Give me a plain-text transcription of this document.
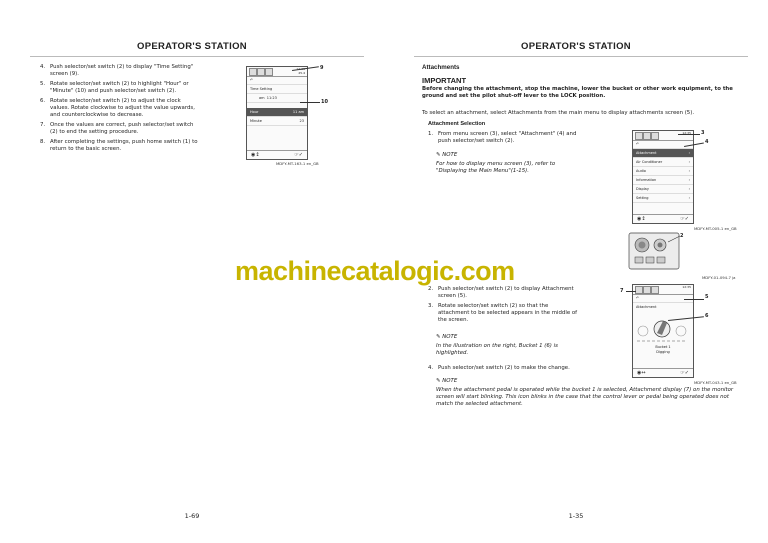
OPERATOR'S STATION
4. Push selector/set switch (2) to display "Time Setting" screen (9).
5. Rotate selector/set switch (2) to highlight "Hour" or "Minute" (10) and push selector/set switch (2).
6. Rotate selector/set switch (2) to adjust the clock values. Rotate clockwise to adjust the value upwards, and counterclockwise to decrease.
7. Once the values are correct, push selector/set switch (2) to end the setting procedure.
8. After completing the settings, push home switch (1) to return to the basic screen.
12:35
25.4
↶
Time Setting
am 11:23
Hour	11 am
Minute	23
◉↕	☞✓
9
10
MDFY-MT-163-1 en_GB
1-69
OPERATOR'S STATION
Attachments
IMPORTANT
Before changing the attachment, stop the machine, lower the bucket or other work equipment, to the ground and set the pilot shut-off lever to the LOCK position.
To select an attachment, select Attachments from the main menu to display attachments screen (5).
Attachment Selection
1. From menu screen (3), select "Attachment" (4) and push selector/set switch (2).
✎ NOTE
For how to display menu screen (3), refer to "Displaying the Main Menu"(1-15).
12:35
↶
Attachment	›
Air Conditioner	›
Audio	›
Information	›
Display	›
Setting	›
◉↕	☞✓
3
4
MDFY-MT-005-1 en_GB
2
MDFY-01-094-7 ja
2. Push selector/set switch (2) to display Attachment screen (5).
3. Rotate selector/set switch (2) so that the attachment to be selected appears in the middle of the screen.
✎ NOTE
In the illustration on the right, Bucket 1 (6) is highlighted.
4. Push selector/set switch (2) to make the change.
✎ NOTE
When the attachment pedal is operated while the bucket 1 is selected, Attachment display (7) on the monitor screen will start blinking. This icon blinks in the case that the control lever or pedal being operated does not match the selected attachment.
12:35
↶
Attachment
Bucket 1
Digging
◉↔	☞✓
7
5
6
MDFY-MT-043-1 en_GB
1-35
machinecatalogic.com
